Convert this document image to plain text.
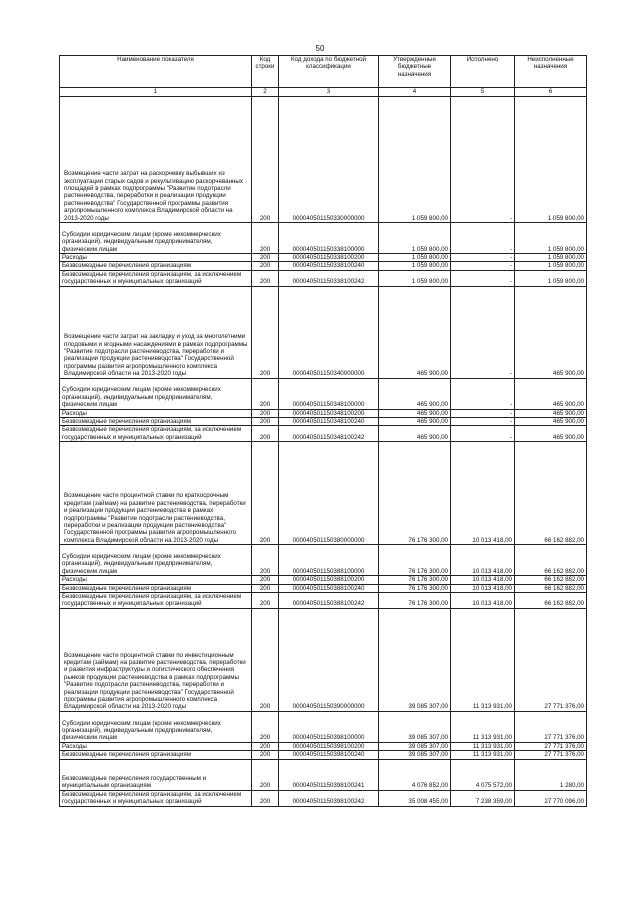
50
Наименование показателя	Код строки	Код дохода по бюджетной классификации	Утвержденные бюджетные назначения	Исполнено	Неисполненные назначения
1	2	3	4	5	6
Возмещение части затрат на раскорчевку выбывших из эксплуатации старых садов и рекультивацию раскорчеванных площадей в рамках подпрограммы "Развитие подотрасли растениеводства, переработки и реализации продукции растениеводства" Государственной программы развития агропромышленного комплекса Владимирской области на 2013-2020 годы	200	000040501150330000000	1 059 800,00	-	1 059 800,00
Субсидии юридическим лицам (кроме некоммерческих организаций), индивидуальным предпринимателям, физическим лицам	200	000040501150338100000	1 059 800,00	-	1 059 800,00
Расходы	200	000040501150338100200	1 059 800,00	-	1 059 800,00
Безвозмездные перечисления организациям	200	000040501150338100240	1 059 800,00	-	1 059 800,00
Безвозмездные перечисления организациям, за исключением государственных и муниципальных организаций	200	000040501150338100242	1 059 800,00	-	1 059 800,00
Возмещение части затрат на закладку и уход за многолетними плодовыми и ягодными насаждениями в рамках подпрограммы "Развитие подотрасли растениеводства, переработки и реализации продукции растениеводства" Государственной программы развития агропромышленного комплекса Владимирской области на 2013-2020 годы	200	000040501150340000000	465 900,00	-	465 900,00
Субсидии юридическим лицам (кроме некоммерческих организаций), индивидуальным предпринимателям, физическим лицам	200	000040501150348100000	465 900,00	-	465 900,00
Расходы	200	000040501150348100200	465 900,00	-	465 900,00
Безвозмездные перечисления организациям	200	000040501150348100240	465 900,00	-	465 900,00
Безвозмездные перечисления организациям, за исключением государственных и муниципальных организаций	200	000040501150348100242	465 900,00	-	465 900,00
Возмещение части процентной ставки по краткосрочным кредитам (займам) на развитие растениеводства, переработки и реализации продукции растениеводства в рамках подпрограммы "Развитие подотрасли растениеводства, переработки и реализации продукции растениеводства" Государственной программы развития агропромышленного комплекса Владимирской области на 2013-2020 годы	200	000040501150380000000	76 176 300,00	10 013 418,00	66 162 882,00
Субсидии юридическим лицам (кроме некоммерческих организаций), индивидуальным предпринимателям, физическим лицам	200	000040501150388100000	76 176 300,00	10 013 418,00	66 162 882,00
Расходы	200	000040501150388100200	76 176 300,00	10 013 418,00	66 162 882,00
Безвозмездные перечисления организациям	200	000040501150388100240	76 176 300,00	10 013 418,00	66 162 882,00
Безвозмездные перечисления организациям, за исключением государственных и муниципальных организаций	200	000040501150388100242	76 176 300,00	10 013 418,00	66 162 882,00
Возмещение части процентной ставки по инвестиционным кредитам (займам) на развитие растениеводства, переработки и развития инфраструктуры и логистического обеспечения рынков продукции растениеводства в рамках подпрограммы "Развитие подотрасли растениеводства, переработки и реализации продукции растениеводства" Государственной программы развития агропромышленного комплекса Владимирской области на 2013-2020 годы	200	000040501150390000000	39 085 307,00	11 313 931,00	27 771 376,00
Субсидии юридическим лицам (кроме некоммерческих организаций), индивидуальным предпринимателям, физическим лицам	200	000040501150398100000	39 085 307,00	11 313 931,00	27 771 376,00
Расходы	200	000040501150398100200	39 085 307,00	11 313 931,00	27 771 376,00
Безвозмездные перечисления организациям	200	000040501150398100240	39 085 307,00	11 313 931,00	27 771 376,00
Безвозмездные перечисления государственным и муниципальным организациям	200	000040501150398100241	4 076 852,00	4 075 572,00	1 280,00
Безвозмездные перечисления организациям, за исключением государственных и муниципальных организаций	200	000040501150398100242	35 008 455,00	7 238 359,00	27 770 096,00
